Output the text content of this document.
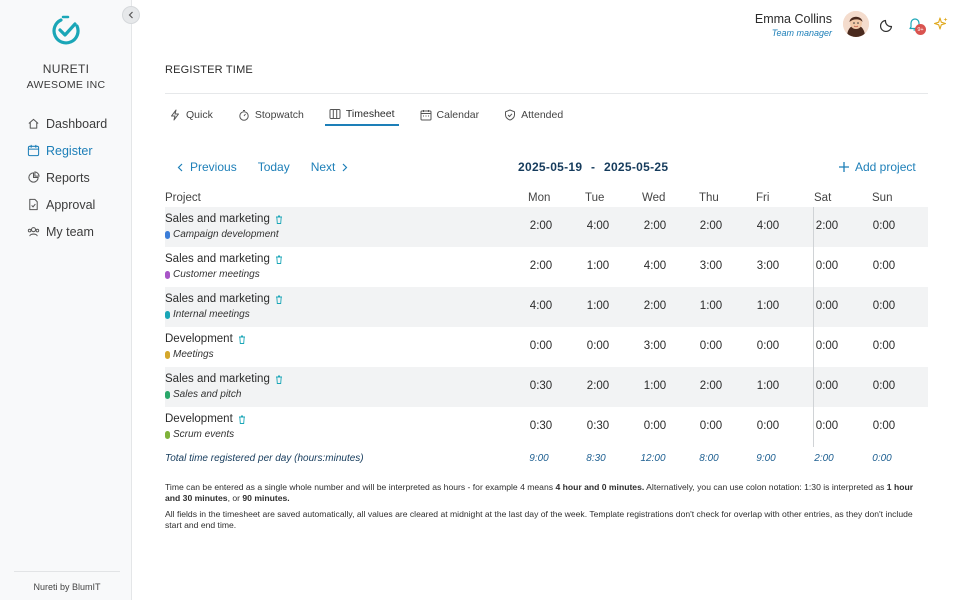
NURETI
AWESOME INC
Dashboard
Register
Reports
Approval
My team
Nureti by BlumIT
Emma Collins
Team manager	9+
REGISTER TIME
Quick	Stopwatch	Timesheet	Calendar	Attended
Previous Today Next	2025-05-19 - 2025-05-25	Add project
Project	Mon	Tue	Wed	Thu	Fri	Sat	Sun
Sales and marketing
Campaign development
2:00	4:00	2:00	2:00	4:00	2:00	0:00
Sales and marketing
Customer meetings
2:00	1:00	4:00	3:00	3:00	0:00	0:00
Sales and marketing
Internal meetings
4:00	1:00	2:00	1:00	1:00	0:00	0:00
Development
Meetings
0:00	0:00	3:00	0:00	0:00	0:00	0:00
Sales and marketing
Sales and pitch
0:30	2:00	1:00	2:00	1:00	0:00	0:00
Development
Scrum events
0:30	0:30	0:00	0:00	0:00	0:00	0:00
Total time registered per day (hours:minutes)	9:00	8:30	12:00	8:00	9:00	2:00	0:00

Time can be entered as a single whole number and will be interpreted as hours - for example 4 means 4 hour and 0 minutes. Alternatively, you can use colon notation: 1:30 is interpreted as 1 hour and 30 minutes, or 90 minutes.

All fields in the timesheet are saved automatically, all values are cleared at midnight at the last day of the week. Template registrations don't check for overlap with other entries, as they don't include start and end time.
